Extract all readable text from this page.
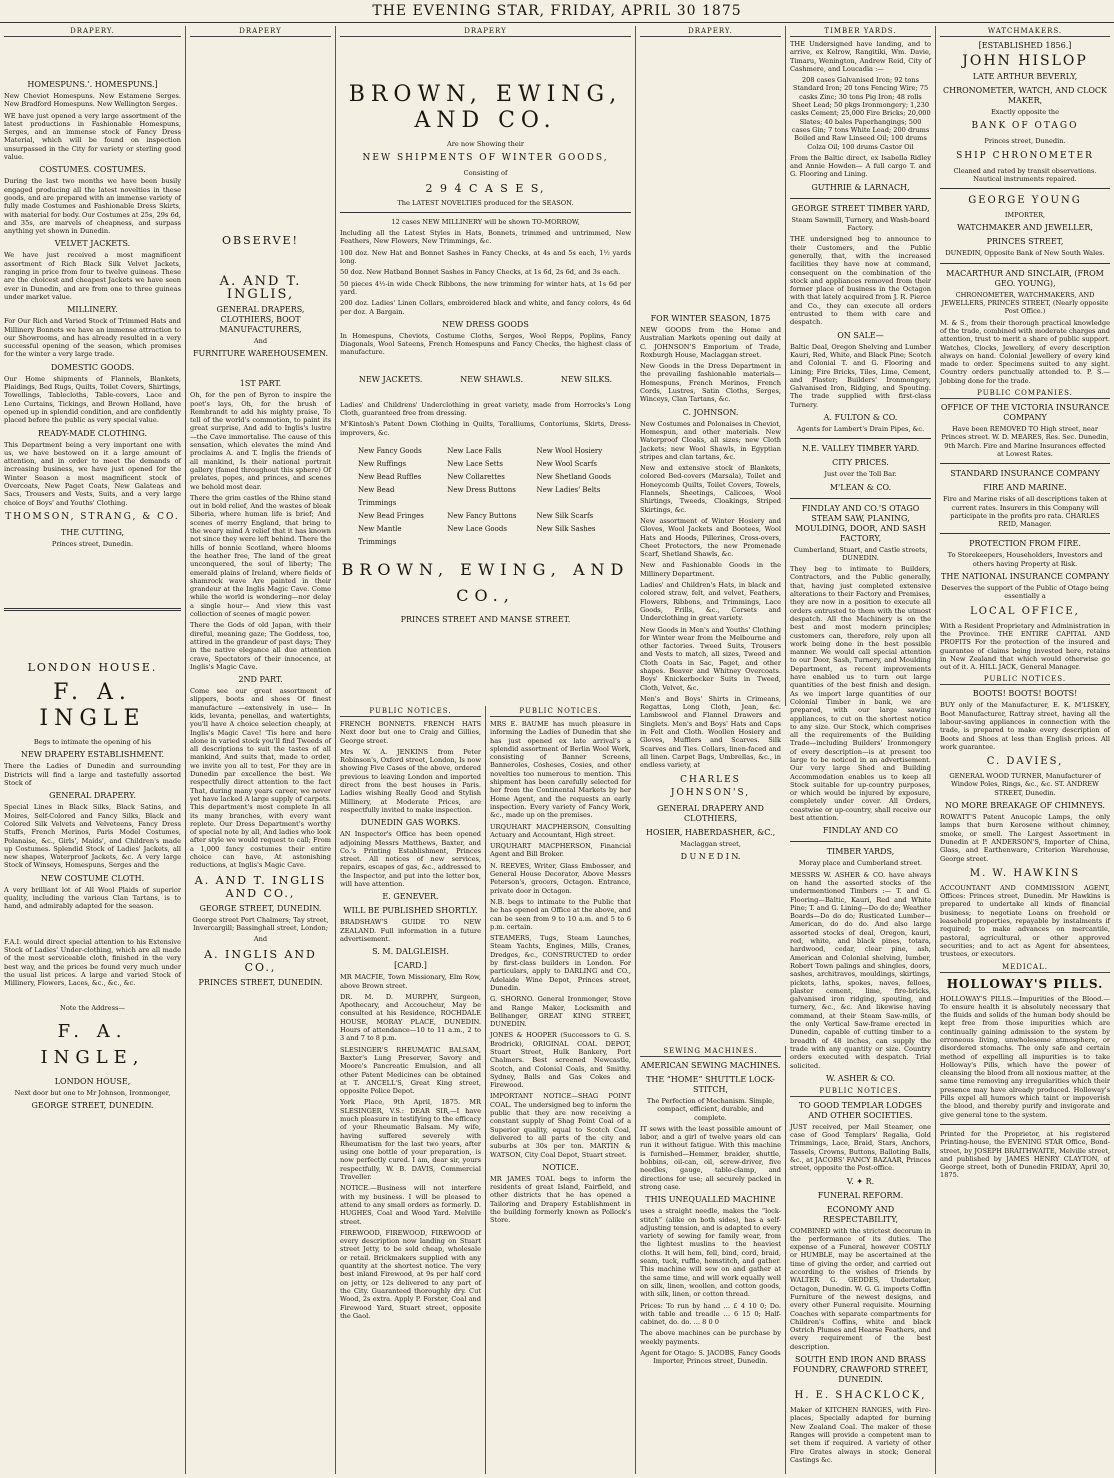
THE EVENING STAR, FRIDAY, APRIL 30 1875
DRAPERY.
HOMESPUNS.’. HOMESPUNS.]

New Cheviot Homespuns. New Estamene Serges. New Bradford Homespuns. New Wellington Serges.

WE have just opened a very large assortment of the latest productions in Fashionable Homespuns, Serges, and an immense stock of Fancy Dress Material, which will be found on inspection unsurpassed in the City for variety or sterling good value.

COSTUMES. COSTUMES.

During the last two months we have been busily engaged producing all the latest novelties in these goods, and are prepared with an immense variety of fully made Costumes and Fashionable Dress Skirts, with material for body. Our Costumes at 25s, 29s 6d, and 35s, are marvels of cheapness, and surpass anything yet shown in Dunedin.

VELVET JACKETS.

We have just received a most magnificent assortment of Rich Black Silk Velvet Jackets, ranging in price from four to twelve guineas. These are the choicest and cheapest Jackets we have seen ever in Dunedin, and are from one to three guineas under market value.

MILLINERY.

For Our Rich and Varied Stock of Trimmed Hats and Millinery Bonnets we have an immense attraction to our Showrooms, and has already resulted in a very successful opening of the season, which promises for the winter a very large trade.

DOMESTIC GOODS.

Our Home shipments of Flannels, Blankets, Plaidings, Bed Rugs, Quilts, Toilet Covers, Shirtings, Towellings, Tablecloths, Table-covers, Lace and Leno Curtains, Tickings, and Brown Holland, have opened up in splendid condition, and are confidently placed before the public as very special value.

READY-MADE CLOTHING.

This Department being a very important one with us, we have bestowed on it a large amount of attention, and in order to meet the demands of increasing business, we have just opened for the Winter Season a most magnificent stock of Overcoats, New Paget Coats, New Galateas and Sacs, Trousers and Vests, Suits, and a very large choice of Boys' and Youths' Clothing.

THOMSON, STRANG, & CO.
THE CUTTING,
Princes street, Dunedin.
LONDON HOUSE.
F. A. INGLE

Begs to intimate the opening of his

NEW DRAPERY ESTABLISHMENT.

There the Ladies of Dunedin and surrounding Districts will find a large and tastefully assorted Stock of

GENERAL DRAPERY.

Special Lines in Black Silks, Black Satins, and Moires, Self-Colored and Fancy Silks, Black and Colored Silk Velvets and Velveteens, Fancy Dress Stuffs, French Merinos, Paris Model Costumes, Polanaise, &c., Girls', Maids', and Children's made up Costumes. Splendid Stock of Ladies' Jackets, all new shapes, Waterproof Jackets, &c. A very large Stock of Winseys, Homespuns, Serges and the

NEW COSTUME CLOTH.

A very brilliant lot of All Wool Plaids of superior quality, including the various Clan Tartans, is to hand, and admirably adapted for the season.

F.A.I. would direct special attention to his Extensive Stock of Ladies' Under-clothing, which are all made of the most serviceable cloth, finished in the very best way, and the prices be found very much under the usual list prices. A large and varied Stock of Millinery, Flowers, Laces, &c., &c., &c.

Note the Address—

F. A. INGLE,
LONDON HOUSE,

Next door but one to Mr Johnson, Ironmonger,

GEORGE STREET, DUNEDIN.
DRAPERY
OBSERVE!
A. AND T. INGLIS,
GENERAL DRAPERS, CLOTHIERS, BOOT MANUFACTURERS,
And
FURNITURE WAREHOUSEMEN.
1ST PART.

Oh, for the pen of Byron to inspire the poet's lays, Oh, for the brush of Rembrandt to add his mighty praise, To tell of the world's commotion, to paint its great surprise, And add to Inglis's lustre—the Cave immortalise. The cause of this sensation, which elevates the mind And proclaims A. and T. Inglis the friends of all mankind, Is their national portrait gallery (famed throughout this sphere) Of prelates, popes, and princes, and scenes we behold most dear.

There the grim castles of the Rhine stand out in bold relief, And the wastes of bleak Siberia, where human life is brief; And scenes of merry England, that bring to the weary mind A relief that it has known not since they were left behind. There the hills of bonnie Scotland, where blooms the heather free, The land of the great unconquered, the soul of liberty; The emerald plains of Ireland, where fields of shamrock wave Are painted in their grandeur at the Inglis Magic Cave. Come while the world is wondering—nor delay a single hour— And view this vast collection of scenes of magic power.

There the Gods of old Japan, with their direful, meaning gaze; The Goddess, too, attired in the grandeur of past days; They in the native elegance all due attention crave, Spectators of their innocence, at Inglis's Magic Cave.

2ND PART.

Come see our great assortment of slippers, boots and shoes Of finest manufacture —extensively in use— In kids, levanta, penellas, and watertights, you'll have A choice selection cheaply, at Inglis's Magic Cave! 'Tis here and here alone in varied stock you'll find Tweeds of all descriptions to suit the tastes of all mankind, And suits that, made to order, we invite you all to test, For they are in Dunedin par excellence the best. We respectfully direct attention to the fact That, during many years career, we never yet have lacked A large supply of carpets. This department's most complete In all its many branches, with every want replete. Our Dress Department's worthy of special note by all, And ladies who look after style we would request to call; From a 1,000 fancy costumes their entire choice can have, At astonishing reductions, at Inglis's Magic Cave.

A. AND T. INGLIS AND CO.,
GEORGE STREET, DUNEDIN.

George street Port Chalmers; Tay street, Invercargill; Bassinghall street, London;

And
A. INGLIS AND CO.,
PRINCES STREET, DUNEDIN.
DRAPERY
BROWN, EWING, AND CO.
Are now Showing their
NEW SHIPMENTS OF WINTER GOODS,
Consisting of
2 9 4 C A S E S,
The LATEST NOVELTIES produced for the SEASON.

12 cases NEW MILLINERY will be shown TO-MORROW,

Including all the Latest Styles in Hats, Bonnets, trimmed and untrimmed, New Feathers, New Flowers, New Trimmings, &c.

100 doz. New Hat and Bonnet Sashes in Fancy Checks, at 4s and 5s each, 1½ yards long.

50 doz. New Hatband Bonnet Sashes in Fancy Checks, at 1s 6d, 2s 6d, and 3s each.

50 pieces 4½-in wide Check Ribbons, the new trimming for winter hats, at 1s 6d per yard.

200 doz. Ladies' Linen Collars, embroidered black and white, and fancy colors, 4s 6d per doz. A Bargain.

NEW DRESS GOODS

In Homespuns, Cheviots, Costume Cloths, Serges, Wool Repps, Poplins, Fancy Diagonals, Wool Sateens, French Homespuns and Fancy Checks, the highest class of manufacture.

NEW JACKETS.	NEW SHAWLS.	NEW SILKS.

Ladies' and Childrens' Underclothing in great variety, made from Horrocks's Long Cloth, guaranteed free from dressing.

M'Kintosh's Patent Down Clothing in Quilts, Toralliums, Contoriums, Skirts, Dress-improvers, &c.

New Fancy Goods	New Lace Falls	New Wool Hosiery
New Ruffings	New Lace Setts	New Wool Scarfs
New Bead Ruffles	New Collarettes	New Shetland Goods
New Bead Trimmings
New Dress Buttons	New Ladies' Belts
New Bead Fringes	New Fancy Buttons	New Silk Scarfs
New Mantle Trimmings
New Lace Goods	New Silk Sashes
BROWN, EWING, AND CO.,
PRINCES STREET AND MANSE STREET.
DRAPERY.
FOR WINTER SEASON, 1875

NEW GOODS from the Home and Australian Markets opening out daily at C. JOHNSON'S Emporium of Trade, Roxburgh House, Maclaggan street.

New Goods in the Dress Department in the prevailing fashionable materials—Homespuns, French Merinos, French Cords, Lustres, Satin Cloths, Serges, Winceys, Clan Tartans, &c.

C. JOHNSON.

New Costumes and Polonaises in Cheviot, Homespun, and other materials. New Waterproof Cloaks, all sizes; new Cloth Jackets; new Wool Shawls, in Egyptian stripes and clan tartans, &c.

New and extensive stock of Blankets, colored Bed-covers (Marsala), Toilet and Honeycomb Quilts, Toilet Covers, Towels, Flannels, Sheetings, Calicoes, Wool Shirtings, Tweeds, Cloakings, Striped Skirtings, &c.

New assortment of Winter Hosiery and Gloves, Wool Jackets and Bootees, Wool Hats and Hoods, Pillerines, Cross-overs, Cheet Protectors, the new Promenade Scarf, Shetland Shawls, &c.

New and Fashionable Goods in the Millinery Department.

Ladies' and Children's Hats, in black and colored straw, felt, and velvet, Feathers, Flowers, Ribbons, and Trimmings, Lace Goods, Frills, &c., Corsets and Underclothing in great variety.

New Goods in Men's and Youths' Clothing for Winter wear from the Melbourne and other factories. Tweed Suits, Trousers and Vests to match, all sizes, Tweed and Cloth Coats in Sac, Paget, and other shapes. Beaver and Whitney Overcoats. Boys' Knickerbocker Suits in Tweed, Cloth, Velvet, &c.

Men's and Boys' Shirts in Crimeans, Regattas, Long Cloth, Jean, &c. Lambswool and Flannel Drawers and Singlets. Men's and Boys' Hats and Caps in Felt and Cloth. Woollen Hosiery and Gloves, Mufflers and Scarves. Silk Scarves and Ties. Collars, linen-faced and all linen. Carpet Bags, Umbrellas, &c., in endless variety, at

CHARLES JOHNSON'S,
GENERAL DRAPERY AND CLOTHIERS,
HOSIER, HABERDASHER, &C.,
Maclaggan street,
D U N E D I N.
PUBLIC NOTICES.

FRENCH BONNETS. FRENCH HATS Next door but one to Craig and Gillies, George street.

Mrs W. A. JENKINS from Peter Robinson's, Oxford street, London, Is now showing Five Cases of the above, ordered previous to leaving London and imported direct from the best houses in Paris. Ladies wishing Really Good and Stylish Millinery, at Moderate Prices, are respectfully invited to make inspection.

DUNEDIN GAS WORKS.

AN Inspector's Office has been opened adjoining Messrs Matthews, Baxter, and Co.'s Printing Establishment, Princes street. All notices of new services, repairs, escapes of gas, &c., addressed to the Inspector, and put into the letter box, will have attention.

E. GENEVER.
WILL BE PUBLISHED SHORTLY.

BRADSHAW'S GUIDE TO NEW ZEALAND. Full information in a future advertisement.

S. M. DALGLEISH.
[CARD.]

MR MACFIE, Town Missionary, Elm Row, above Brown street.

DR. M. D. MURPHY, Surgeon, Apothecary, and Accoucheur, May be consulted at his Residence, ROCHDALE HOUSE, MORAY PLACE, DUNEDIN. Hours of attendance—10 to 11 a.m., 2 to 3 and 7 to 8 p.m.

SLESINGER'S RHEUMATIC BALSAM, Baxter's Lung Preserver, Savory and Moore's Pancreatic Emulsion, and all other Patent Medicines can be obtained at T. ANCELL'S, Great King street, opposite Police Depot.

York Place, 9th April, 1875. MR SLESINGER, V.S.: DEAR SIR,—I have much pleasure in testifying to the efficacy of your Rheumatic Balsam. My wife, having suffered severely with Rheumatism for the last two years, after using one bottle of your preparation, is now perfectly cured. I am, dear sir, yours respectfully, W. B. DAVIS, Commercial Traveller.

NOTICE.—Business will not interfere with my business. I will be pleased to attend to any small orders as formerly. D. HUGHES, Coal and Wood Yard. Melville street.

FIREWOOD, FIREWOOD, FIREWOOD of every description now landing on Stuart street Jetty, to be sold cheap, wholesale or retail. Brickmakers supplied with any quantity at the shortest notice. The very best inland Firewood, at 9s per half cord on jetty, or 12s delivered to any part of the City. Guaranteed thoroughly dry. Cut Wood, 2s extra. Apply P. Forster, Coal and Firewood Yard, Stuart street, opposite the Gaol.

PUBLIC NOTICES.

MRS E. BAUME has much pleasure in informing the Ladies of Dunedin that she has just opened ex late arrival's a splendid assortment of Berlin Wool Work, consisting of Banner Screens, Banneroles, Cosheses, Cosies, and other novelties too numerous to mention. This shipment has been carefully selected for her from the Continental Markets by her Home Agent, and the requests an early inspection. Every variety of Fancy Work, &c., made up on the premises.

URQUHART MACPHERSON, Consulting Actuary and Accountant, High street.

URQUHART MACPHERSON, Financial Agent and Bill Broker.

N. REEVES, Writer, Glass Embosser, and General House Decorator, Above Messrs Peterson's, grocers, Octagon. Entrance, private door in Octagon.

N.B. begs to intimate to the Public that he has opened an Office at the above, and can be seen from 9 to 10 a.m. and 5 to 6 p.m. certain.

STEAMERS, Tugs, Steam Launches, Steam Yachts, Engines, Mills, Cranes, Dredges, &c., CONSTRUCTED to order by first-class builders in London. For particulars, apply to DARLING and CO., Adelaide Wine Depot, Princes street, Dunedin.

G. SHORNO. General Ironmonger, Stove and Range Maker, Locksmith and Bellhanger, GREAT KING STREET, DUNEDIN.

JONES & HOOPER (Successors to G. S. Brodrick), ORIGINAL COAL DEPOT, Stuart Street, Hulk Bankery, Port Chalmers. Best screened Newcastle, Scotch, and Colonial Coals, and Smithy. Sydney, Balls and Gas Cokes and Firewood.

IMPORTANT NOTICE—SHAG POINT COAL. The undersigned beg to inform the public that they are now receiving a constant supply of Shag Point Coal of a Superior quality, equal to Scotch Coal, delivered to all parts of the city and suburbs at 30s per ton. MARTIN & WATSON, City Coal Depot, Stuart street.

NOTICE.

MR JAMES TOAL begs to inform the residents of great Island, Fairfield, and other districts that he has opened a Tailoring and Drapery Establishment in the building formerly known as Pollock's Store.

SEWING MACHINES.
AMERICAN SEWING MACHINES.
THE “HOME” SHUTTLE LOCK-STITCH,

The Perfection of Mechanism. Simple, compact, efficient, durable, and complete.

IT sews with the least possible amount of labor, and a girl of twelve years old can run it without fatigue. With this machine is furnished—Hemmer, braider, shuttle, bobbins, oil-can, oil, screw-driver, five needles, gauge, table-clamp, and directions for use; all securely packed in strong case.

THIS UNEQUALLED MACHINE

uses a straight needle, makes the “lock-stitch” (alike on both sides), has a self-adjusting tension, and is adapted to every variety of sewing for family wear, from the lightest muslins to the heaviest cloths. It will hem, fell, bind, cord, braid, seam, tuck, ruffle, hemstitch, and gather. This machine will sew on and gather at the same time, and will work equally well on silk, linen, woollen, and cotton goods, with silk, linen, or cotton thread.

Prices: To run by hand … £ 4 10 0; Do. with table and treadle … 6 15 0; Half-cabinet, do. do. … 8 0 0

The above machines can be purchase by weekly payments.

Agent for Otago: S. JACOBS, Fancy Goods Importer, Princes street, Dunedin.

TIMBER YARDS.

THE Undersigned have landing, and to arrive, ex Kelrow, Rangitiki, Wm. Davie, Timaru, Wenington, Andrew Reid, City of Cashmere, and Loucadia :—

208 cases Galvanised Iron; 92 tons Standard Iron; 20 tons Fencing Wire; 75 casks Zinc; 30 tons Pig Iron; 48 rolls Sheet Lead; 50 pkgs Ironmongery; 1,230 casks Cement; 25,000 Fire Bricks; 20,000 Slates; 40 bales Paperhangings; 500 cases Gin; 7 tons White Lead; 200 drums Boiled and Raw Linseed Oil; 100 drums Colza Oil; 100 drums Castor Oil

From the Baltic direct, ex Isabella Ridley and Annie Howden— A full cargo T. and G. Flooring and Lining.

GUTHRIE & LARNACH,
GEORGE STREET TIMBER YARD,

Steam Sawmill, Turnery, and Wash-board Factory.

THE undersigned beg to announce to their Customers, and the Public generally, that, with the increased facilities they have now at command, consequent on the combination of the stock and appliances removed from their former place of business in the Octagon with that lately acquired from J. R. Pierce and Co., they can execute all orders entrusted to them with care and despatch.

ON SALE—

Baltic Deal, Oregon Shelving and Lumber Kauri, Red, White, and Black Pine; Scotch and Colonial T. and G. Flooring and Lining; Fire Bricks, Tiles, Lime, Cement, and Plaster; Builders' Ironmongery, Galvanised Iron, Ridging, and Spouting. The trade supplied with first-class Turnery.

A. FULTON & CO.

Agents for Lambert's Drain Pipes, &c.

N.E. VALLEY TIMBER YARD.
CITY PRICES.

Just over the Toll Bar.

M'LEAN & CO.
FINDLAY AND CO.'S OTAGO STEAM SAW, PLANING, MOULDING, DOOR, AND SASH FACTORY,

Cumberland, Stuart, and Castle streets, DUNEDIN.

They beg to intimate to Builders, Contractors, and the Public generally, that, having just completed extensive alterations to their Factory and Premises, they are now in a position to execute all orders entrusted to them with the utmost despatch. All the Machinery is on the best and most modern principles; customers can, therefore, rely upon all work being done in the best possible manner. We would call special attention to our Door, Sash, Turnery, and Moulding Department, as recent improvements have enabled us to turn out large quantities of the best finish and design. As we import large quantities of our Colonial Timber in bank, we are prepared, with our large sawing appliances, to cut on the shortest notice to any size. Our Stock, which comprises all the requirements of the Building Trade—including Builders' Ironmongery of every description—is at present too large to be noticed in an advertisement. Our very large Shed and Building Accommodation enables us to keep all Stock suitable for up-country purposes, or which would be injured by exposure, completely under cover. All Orders, coastwise or up-country, shall receive our best attention.

FINDLAY AND CO
TIMBER YARDS,

Moray place and Cumberland street.

MESSRS W. ASHER & CO. have always on hand the assorted stocks of the undermentioned Timbers :— T. and G. Flooring—Baltic, Kauri, Red and White Pine; T. and G. Lining—Do do do; Weather Boards—Do do do; Rusticated Lumber—American, do do do. And also large assorted stocks of deal, Oregon, kauri, red, white, and black pines, totara, hardwood, cedar, clear pine, ash, American and Colonial shelving, lumber, Robert Town palings and shingles, doors, sashes, architraves, mouldings, skirtings, pickets, laths, spokes, naves, felloes, plaster cement, lime, fire-bricks, galvanised iron ridging, spouting, and turnery, &c., &c. And likewise having command, at their Steam Saw-mills, of the only Vertical Saw-frame erected in Dunedin, capable of cutting timber to a breadth of 48 inches, can supply the trade with any quantity or size. Country orders executed with despatch. Trial solicited.

W. ASHER & CO.
PUBLIC NOTICES.
TO GOOD TEMPLAR LODGES AND OTHER SOCIETIES.

JUST received, per Mail Steamer, one case of Good Templars' Regalia, Gold Trimmings, Lace, Braid, Stars, Anchors, Tassels, Crowns, Buttons, Balloting Balls, &c., at JACOBS' FANCY BAZAAR, Princes street, opposite the Post-office.

V. ✦ R.
FUNERAL REFORM.
ECONOMY AND RESPECTABILITY,

COMBINED with the strictest decorum in the performance of its duties. The expense of a Funeral, however COSTLY or HUMBLE, may be ascertained at the time of giving the order, and carried out according to the wishes of friends by WALTER G. GEDDES, Undertaker, Octagon, Dunedin. W. G. G. imports Coffin Furniture of the newest designs, and every other Funeral requisite. Mourning Coaches with separate compartments for Children's Coffins, white and black Ostrich Plumes and Hearse Feathers, and every requirement of the best description.

SOUTH END IRON AND BRASS FOUNDRY, CRAWFORD STREET, DUNEDIN.
H. E. SHACKLOCK,

Maker of KITCHEN RANGES, with Fire-places, Specially adapted for burning New Zealand Coal. The maker of these Ranges will provide a competent man to set them if required. A variety of other Fire Grates always in stock; General Castings &c.

WATCHMAKERS.
[ESTABLISHED 1856.]
JOHN HISLOP
LATE ARTHUR BEVERLY,
CHRONOMETER, WATCH, AND CLOCK MAKER,
Exactly opposite the
BANK OF OTAGO
Princes street, Dunedin.
SHIP CHRONOMETER

Cleaned and rated by transit observations. Nautical instruments repaired.

GEORGE YOUNG
IMPORTER,
WATCHMAKER AND JEWELLER,
PRINCES STREET,

DUNEDIN, Opposite Bank of New South Wales.

MACARTHUR AND SINCLAIR, (FROM GEO. YOUNG),

CHRONOMETER, WATCHMAKERS, AND JEWELLERS, PRINCES STREET, (Nearly opposite Post Office.)

M. & S., from their thorough practical knowledge of the trade, combined with moderate charges and attention, trust to merit a share of public support. Watches, Clocks, Jewellery, of every description always on hand. Colonial Jewellery of every kind made to order. Specimens suited to any sight. Country orders punctually attended to. P. S.—Jobbing done for the trade.

PUBLIC COMPANIES.
OFFICE OF THE VICTORIA INSURANCE COMPANY

Have been REMOVED TO High street, near Princes street. W. D. MEARES, Res. Sec. Dunedin, 9th March. Fire and Marine Insurances effected at Lowest Rates.

STANDARD INSURANCE COMPANY
FIRE AND MARINE.

Fire and Marine risks of all descriptions taken at current rates. Insurers in this Company will participate in the profits pro rata. CHARLES REID, Manager.

PROTECTION FROM FIRE.

To Storekeepers, Householders, Investors and others having Property at Risk.

THE NATIONAL INSURANCE COMPANY

Deserves the support of the Public of Otago being essentially a

LOCAL OFFICE,

With a Resident Proprietary and Administration in the Province. THE ENTIRE CAPITAL AND PROFITS For the protection of the insured and guarantee of claims being invested here, retains in New Zealand that which would otherwise go out of it. A. HILL JACK, General Manager.

PUBLIC NOTICES.
BOOTS! BOOTS! BOOTS!

BUY only of the Manufacturer, E. K. M'LISKEY, Boot Manufacturer, Rattray street, having all the labour-saving appliances in connection with the trade, is prepared to make every description of Boots and Shoes at less than English prices. All work guarantee.

C. DAVIES,

GENERAL WOOD TURNER, Manufacturer of Window Poles, Rings, &c., &c. ST. ANDREW STREET, Dunedin.

NO MORE BREAKAGE OF CHIMNEYS.

ROWATT'S Patent Anucopic Lamps, the only lamps that burn Kerosene without chimney, smoke, or smell. The Largest Assortment in Dunedin at P. ANDERSON'S, Importer of China, Glass, and Earthenware, Criterion Warehouse, George street.

M. W. HAWKINS

ACCOUNTANT AND COMMISSION AGENT, Offices: Princes street, Dunedin. Mr Hawkins is prepared to undertake all kinds of financial business; to negotiate Loans on freehold or leasehold properties, repayable by instalments if required; to make advances on mercantile, pastoral, agricultural, or other approved securities; and to act as Agent for absentees, trustees, or executors.

MEDICAL.
HOLLOWAY'S PILLS.

HOLLOWAY'S PILLS.—Impurities of the Blood.—To ensure health it is absolutely necessary that the fluids and solids of the human body should be kept free from those impurities which are continually gaining admission to the system by erroneous living, unwholesome atmosphere, or disordered stomachs. The only safe and certain method of expelling all impurities is to take Holloway's Pills, which have the power of cleansing the blood from all noxious matter, at the same time removing any irregularities which their presence may have already produced. Holloway's Pills expel all humors which taint or impoverish the blood, and thereby purify and invigorate and give general tone to the system.

Printed for the Proprietor, at his registered Printing-house, the EVENING STAR Office, Bond-street, by JOSEPH BRAITHWAITE, Melville street, and published by JAMES HENRY CLAYTON, of George street, both of Dunedin FRIDAY, April 30, 1875.
